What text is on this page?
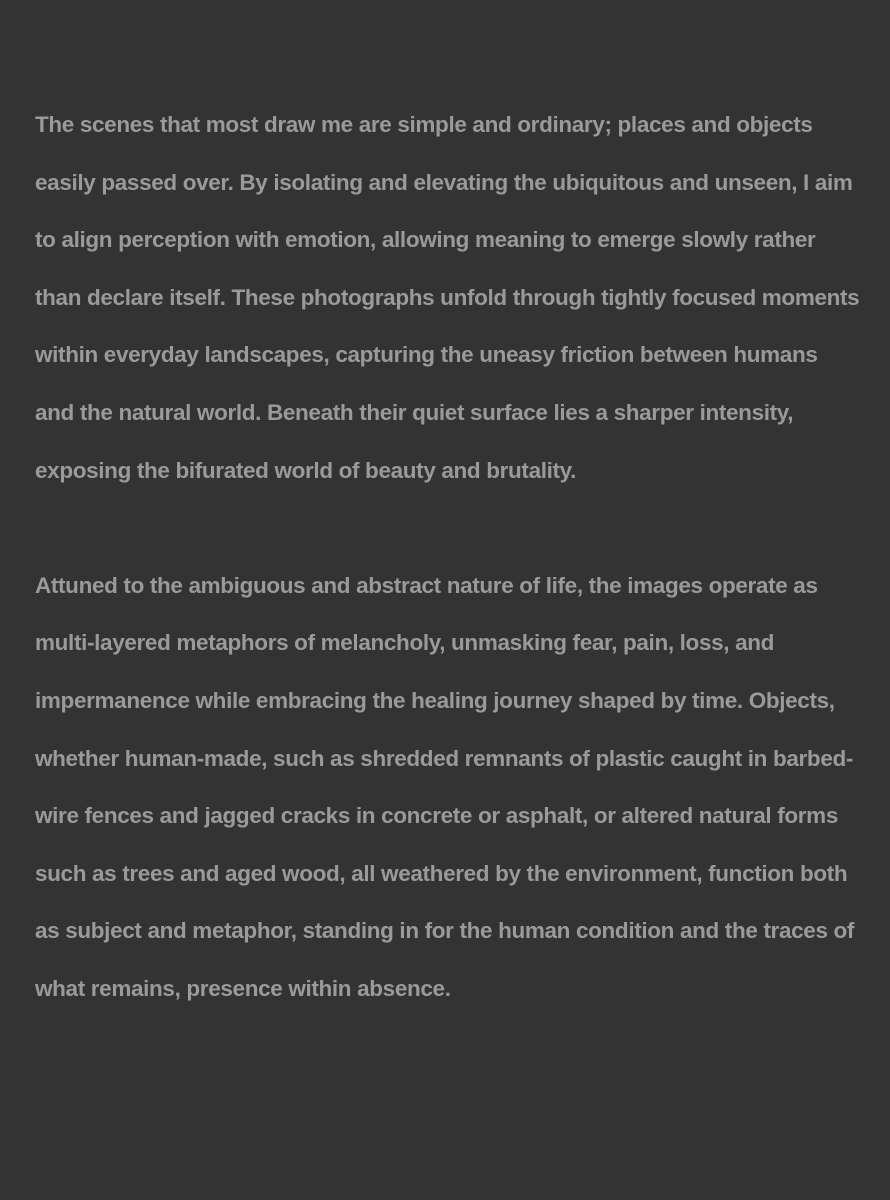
The scenes that most draw me are simple and ordinary; places and objects easily passed over. By isolating and elevating the ubiquitous and unseen, I aim to align perception with emotion, allowing meaning to emerge slowly rather than declare itself. These photographs unfold through tightly focused moments within everyday landscapes, capturing the uneasy friction between humans and the natural world. Beneath their quiet surface lies a sharper intensity, exposing the bifurated world of beauty and brutality.

Attuned to the ambiguous and abstract nature of life, the images operate as multi-layered metaphors of melancholy, unmasking fear, pain, loss, and impermanence while embracing the healing journey shaped by time. Objects, whether human-made, such as shredded remnants of plastic caught in barbed-wire fences and jagged cracks in concrete or asphalt, or altered natural forms such as trees and aged wood, all weathered by the environment, function both as subject and metaphor, standing in for the human condition and the traces of what remains, presence within absence.
